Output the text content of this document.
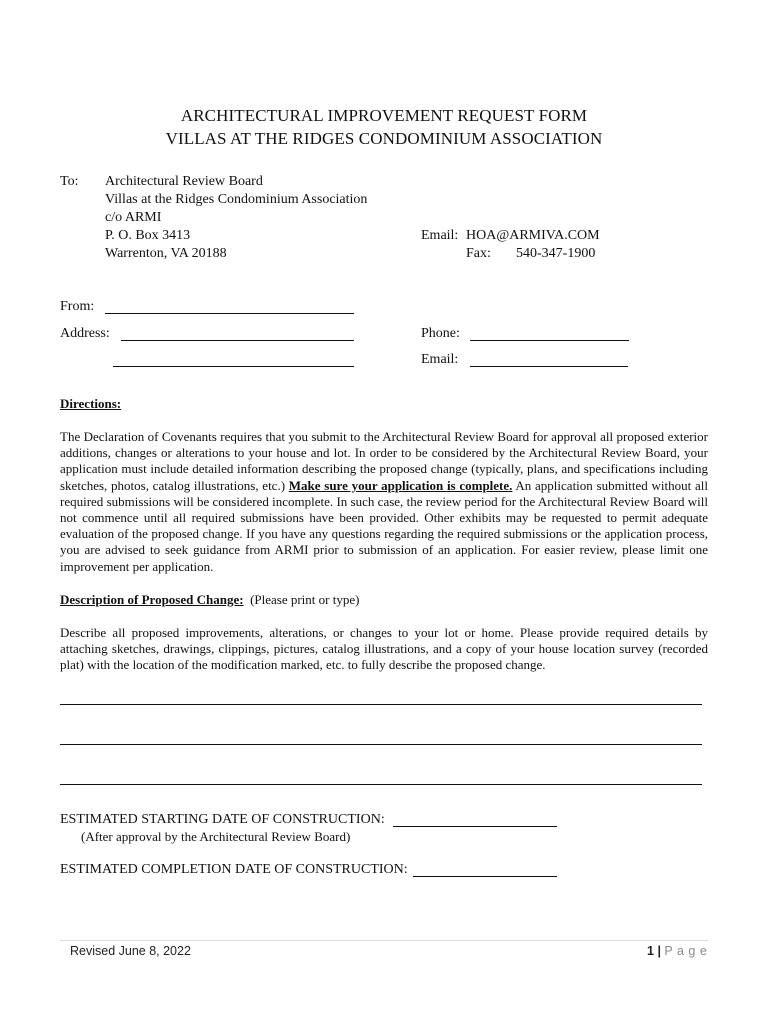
ARCHITECTURAL IMPROVEMENT REQUEST FORM
VILLAS AT THE RIDGES CONDOMINIUM ASSOCIATION
To: Architectural Review Board
Villas at the Ridges Condominium Association
c/o ARMI
P. O. Box 3413
Warrenton, VA 20188
Email: HOA@ARMIVA.COM
Fax: 540-347-1900
From:
Address:	Phone:
Email:
Directions:
The Declaration of Covenants requires that you submit to the Architectural Review Board for approval all proposed exterior additions, changes or alterations to your house and lot. In order to be considered by the Architectural Review Board, your application must include detailed information describing the proposed change (typically, plans, and specifications including sketches, photos, catalog illustrations, etc.) Make sure your application is complete. An application submitted without all required submissions will be considered incomplete. In such case, the review period for the Architectural Review Board will not commence until all required submissions have been provided. Other exhibits may be requested to permit adequate evaluation of the proposed change. If you have any questions regarding the required submissions or the application process, you are advised to seek guidance from ARMI prior to submission of an application. For easier review, please limit one improvement per application.
Description of Proposed Change: (Please print or type)
Describe all proposed improvements, alterations, or changes to your lot or home. Please provide required details by attaching sketches, drawings, clippings, pictures, catalog illustrations, and a copy of your house location survey (recorded plat) with the location of the modification marked, etc. to fully describe the proposed change.
ESTIMATED STARTING DATE OF CONSTRUCTION:
(After approval by the Architectural Review Board)
ESTIMATED COMPLETION DATE OF CONSTRUCTION:
Revised June 8, 2022	1 | P a g e
